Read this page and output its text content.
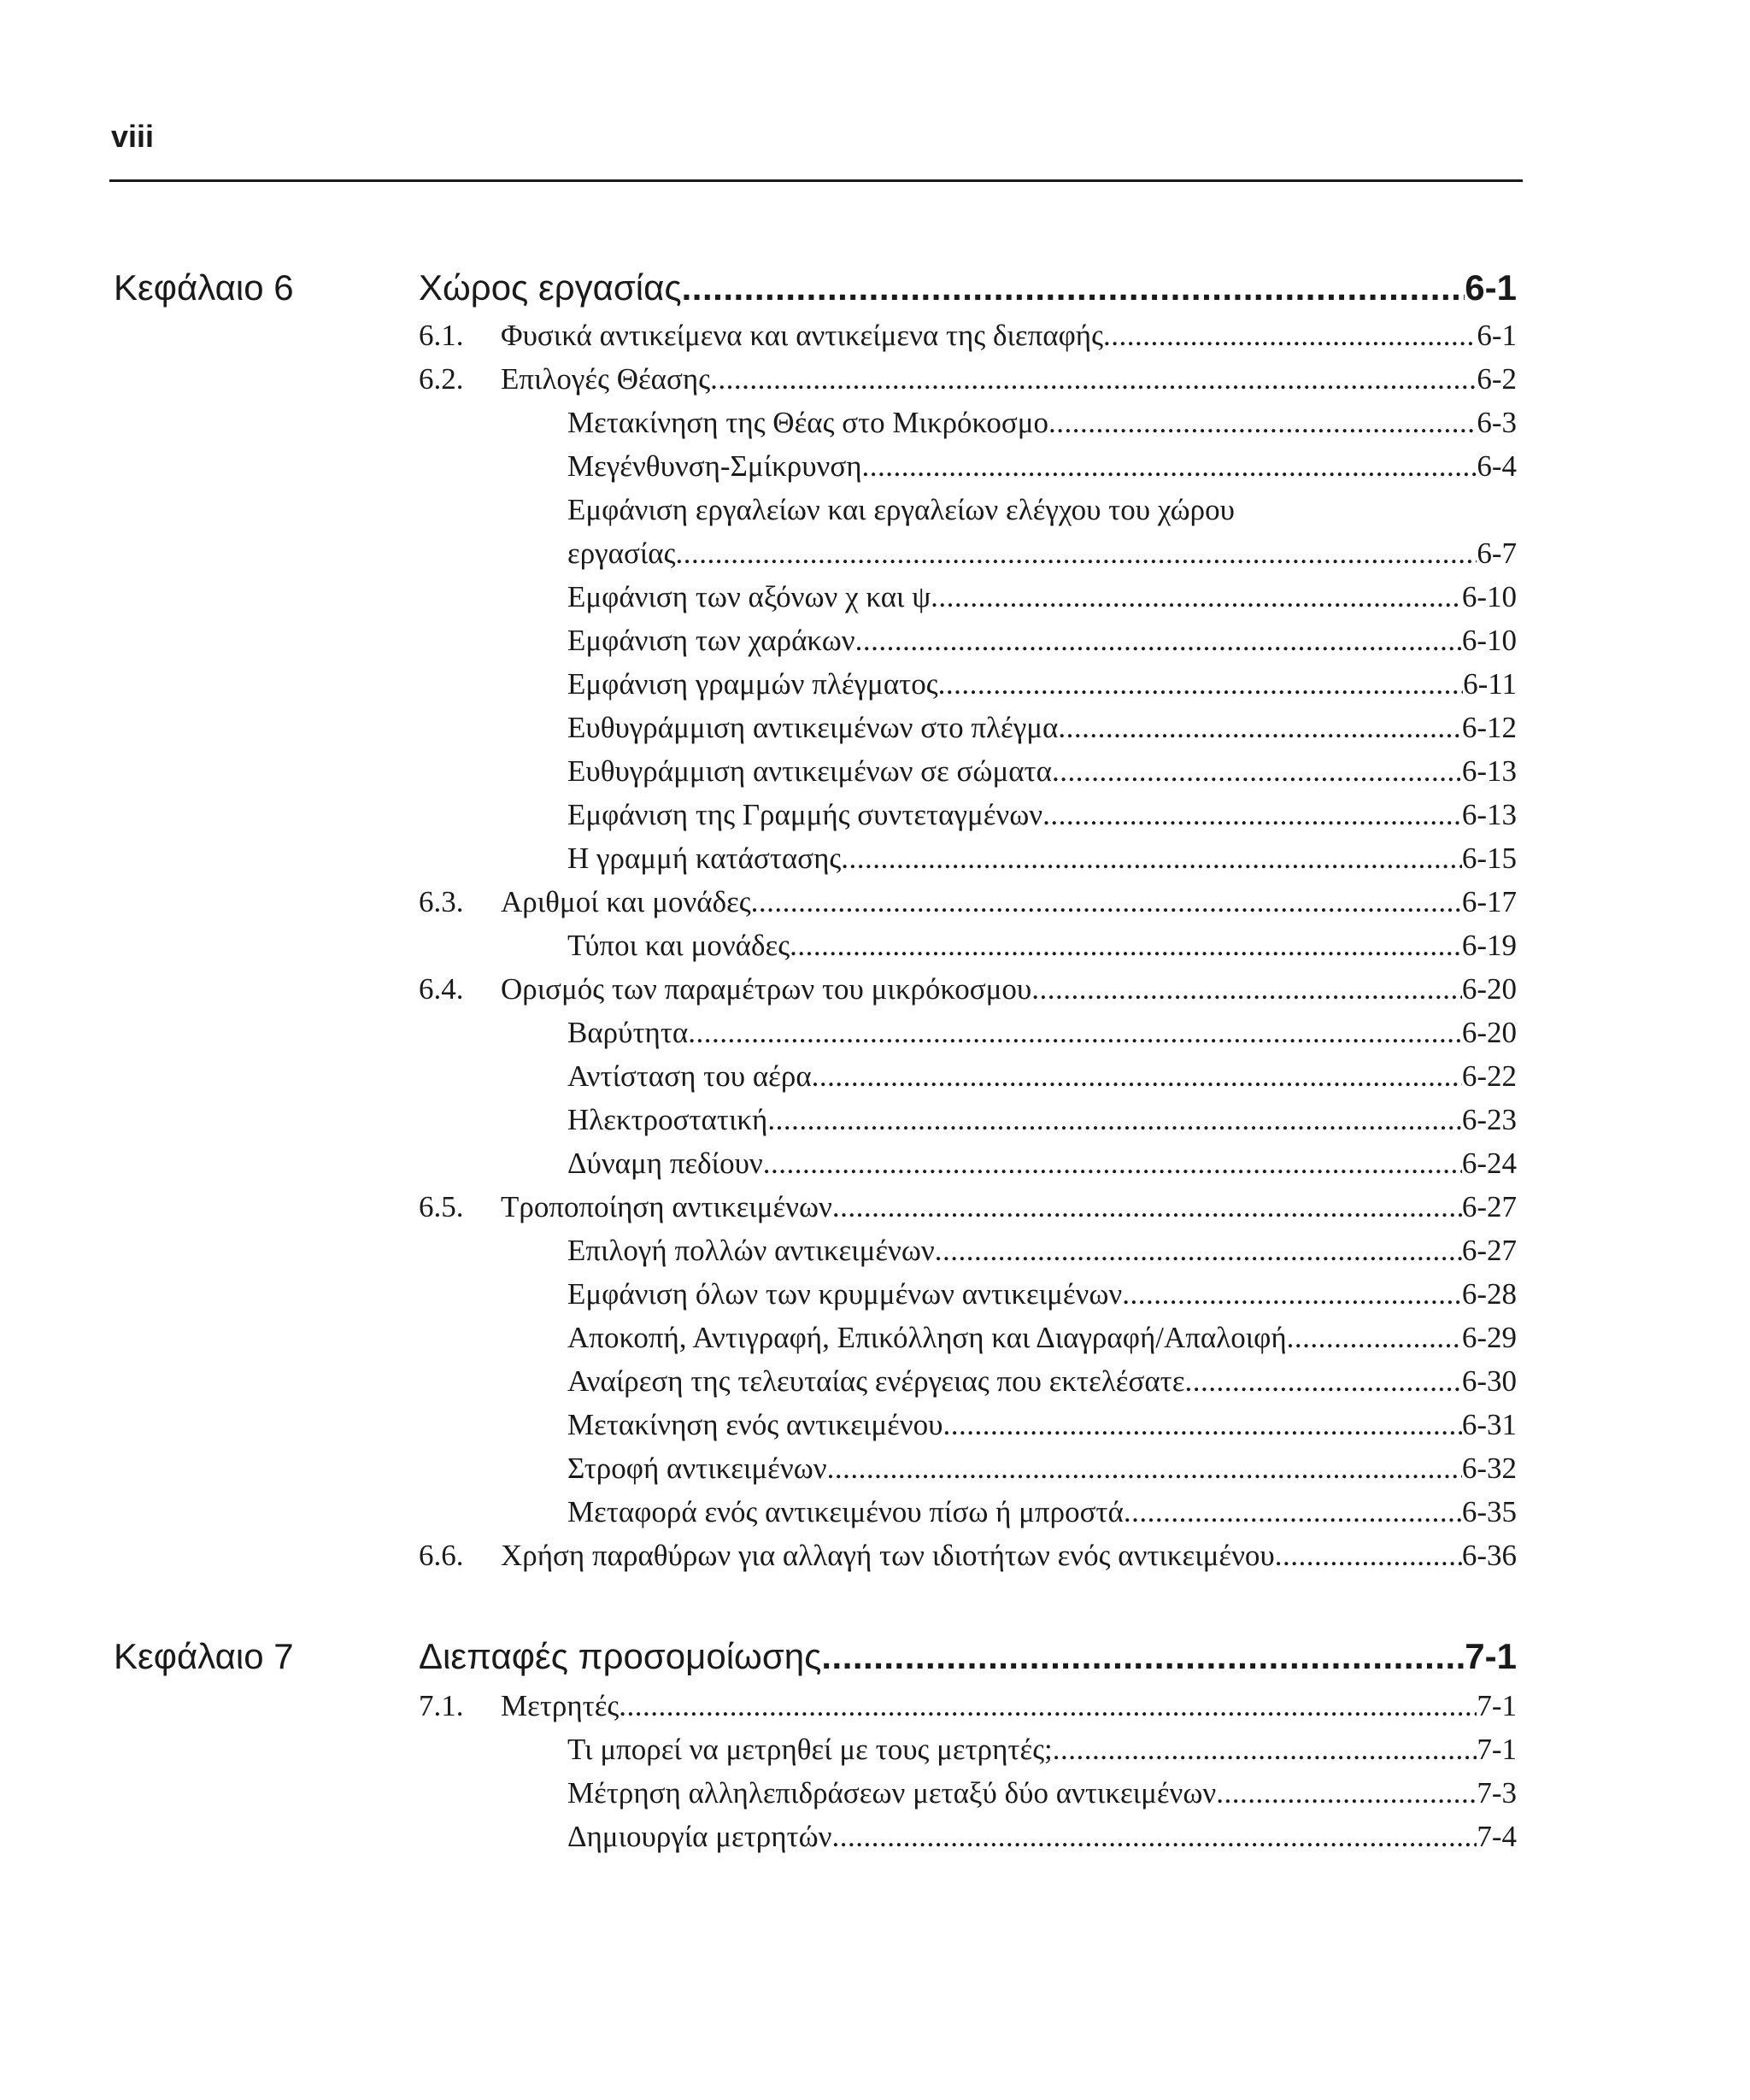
viii
Κεφάλαιο 6	Χώρος εργασίας .....	6-1
6.1.	Φυσικά αντικείμενα και αντικείμενα της διεπαφής .....	6-1
6.2.	Επιλογές Θέασης .....	6-2
Μετακίνηση της Θέας στο Μικρόκοσμο .....	6-3
Μεγένθυνση-Σμίκρυνση .....	6-4
Εμφάνιση εργαλείων και εργαλείων ελέγχου του χώρου
εργασίας .....	6-7
Εμφάνιση των αξόνων χ και ψ .....	6-10
Εμφάνιση των χαράκων .....	6-10
Εμφάνιση γραμμών πλέγματος .....	6-11
Ευθυγράμμιση αντικειμένων στο πλέγμα .....	6-12
Ευθυγράμμιση αντικειμένων σε σώματα .....	6-13
Εμφάνιση της Γραμμής συντεταγμένων .....	6-13
Η γραμμή κατάστασης .....	6-15
6.3.	Αριθμοί και μονάδες .....	6-17
Τύποι και μονάδες .....	6-19
6.4.	Ορισμός των παραμέτρων του μικρόκοσμου .....	6-20
Βαρύτητα .....	6-20
Αντίσταση του αέρα .....	6-22
Ηλεκτροστατική .....	6-23
Δύναμη πεδίουν .....	6-24
6.5.	Τροποποίηση αντικειμένων .....	6-27
Επιλογή πολλών αντικειμένων .....	6-27
Εμφάνιση όλων των κρυμμένων αντικειμένων .....	6-28
Αποκοπή, Αντιγραφή, Επικόλληση και Διαγραφή/Απαλοιφή .....	6-29
Αναίρεση της τελευταίας ενέργειας που εκτελέσατε .....	6-30
Μετακίνηση ενός αντικειμένου .....	6-31
Στροφή αντικειμένων .....	6-32
Μεταφορά ενός αντικειμένου πίσω ή μπροστά .....	6-35
6.6.	Χρήση παραθύρων για αλλαγή των ιδιοτήτων ενός αντικειμένου .....	6-36
Κεφάλαιο 7	Διεπαφές προσομοίωσης .....	7-1
7.1.	Μετρητές .....	7-1
Τι μπορεί να μετρηθεί με τους μετρητές; .....	7-1
Μέτρηση αλληλεπιδράσεων μεταξύ δύο αντικειμένων .....	7-3
Δημιουργία μετρητών .....	7-4
